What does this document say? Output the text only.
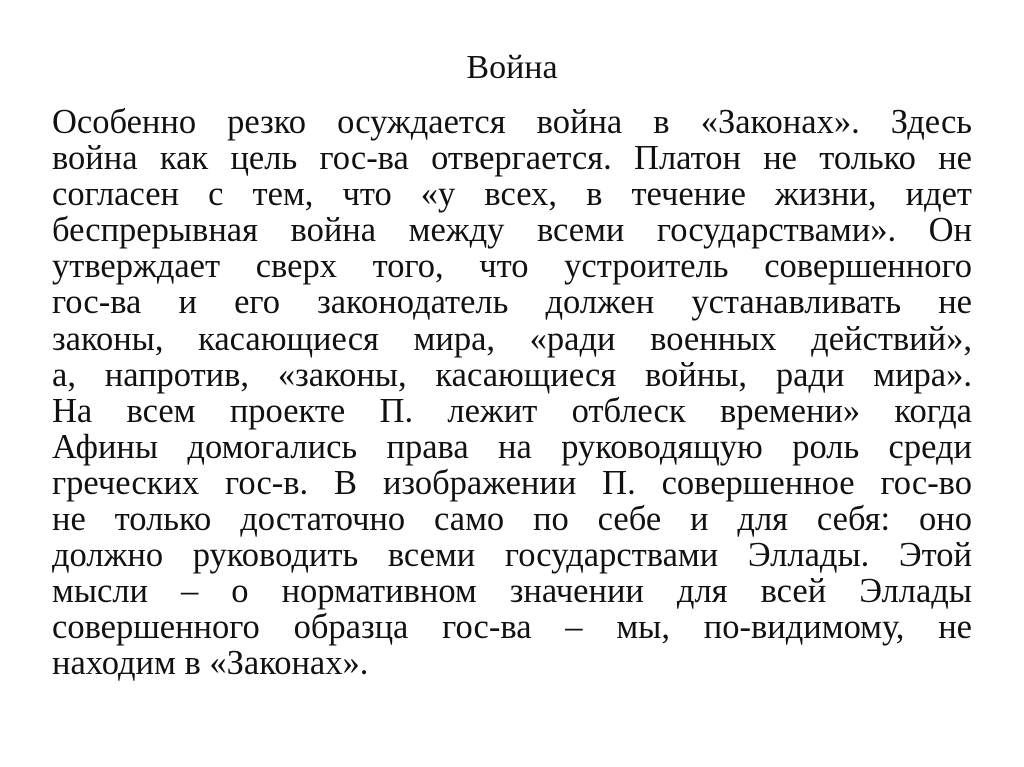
Война
Особенно резко осуждается война в «Законах». Здесь
война как цель гос-ва отвергается. Платон не только не
согласен с тем, что «у всех, в течение жизни, идет
беспрерывная война между всеми государствами». Он
утверждает сверх того, что устроитель совершенного
гос-ва и его законодатель должен устанавливать не
законы, касающиеся мира, «ради военных действий»,
а, напротив, «законы, касающиеся войны, ради мира».
На всем проекте П. лежит отблеск времени» когда
Афины домогались права на руководящую роль среди
греческих гос-в. В изображении П. совершенное гос-во
не только достаточно само по себе и для себя: оно
должно руководить всеми государствами Эллады. Этой
мысли – о нормативном значении для всей Эллады
совершенного образца гос-ва – мы, по-видимому, не
находим в «Законах».
